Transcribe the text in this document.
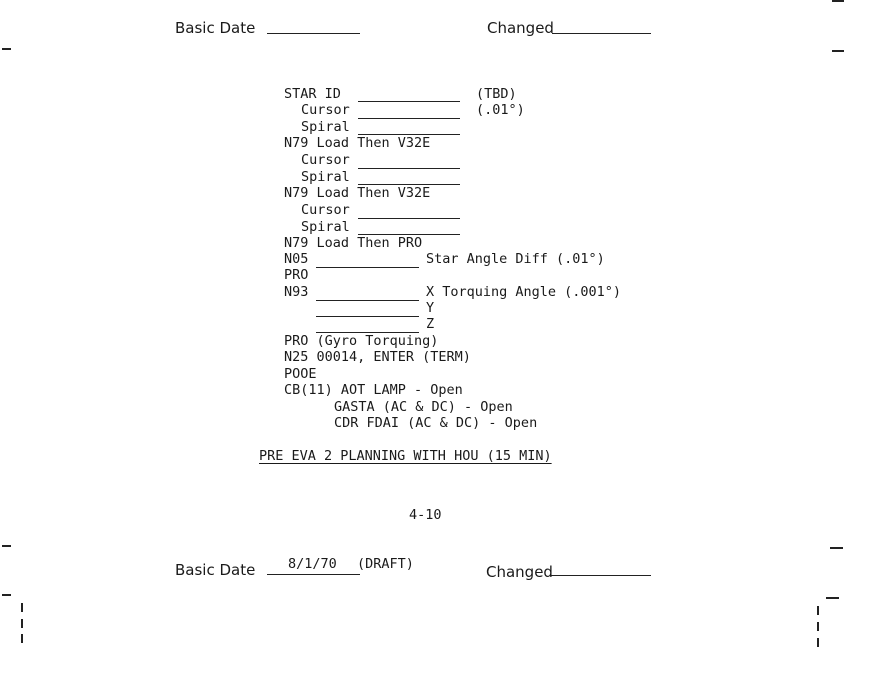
Basic Date	Changed
STAR ID	(TBD)
Cursor	(.01°)
Spiral
N79 Load Then V32E
Cursor
Spiral
N79 Load Then V32E
Cursor
Spiral
N79 Load Then PRO
N05	Star Angle Diff (.01°)
PRO
N93	X Torquing Angle (.001°)
Y
Z
PRO (Gyro Torquing)
N25 00014, ENTER (TERM)
POOE
CB(11) AOT LAMP - Open
GASTA (AC & DC) - Open
CDR FDAI (AC & DC) - Open
PRE EVA 2 PLANNING WITH HOU (15 MIN)
4-10
Basic Date 8/1/70 (DRAFT)	Changed
